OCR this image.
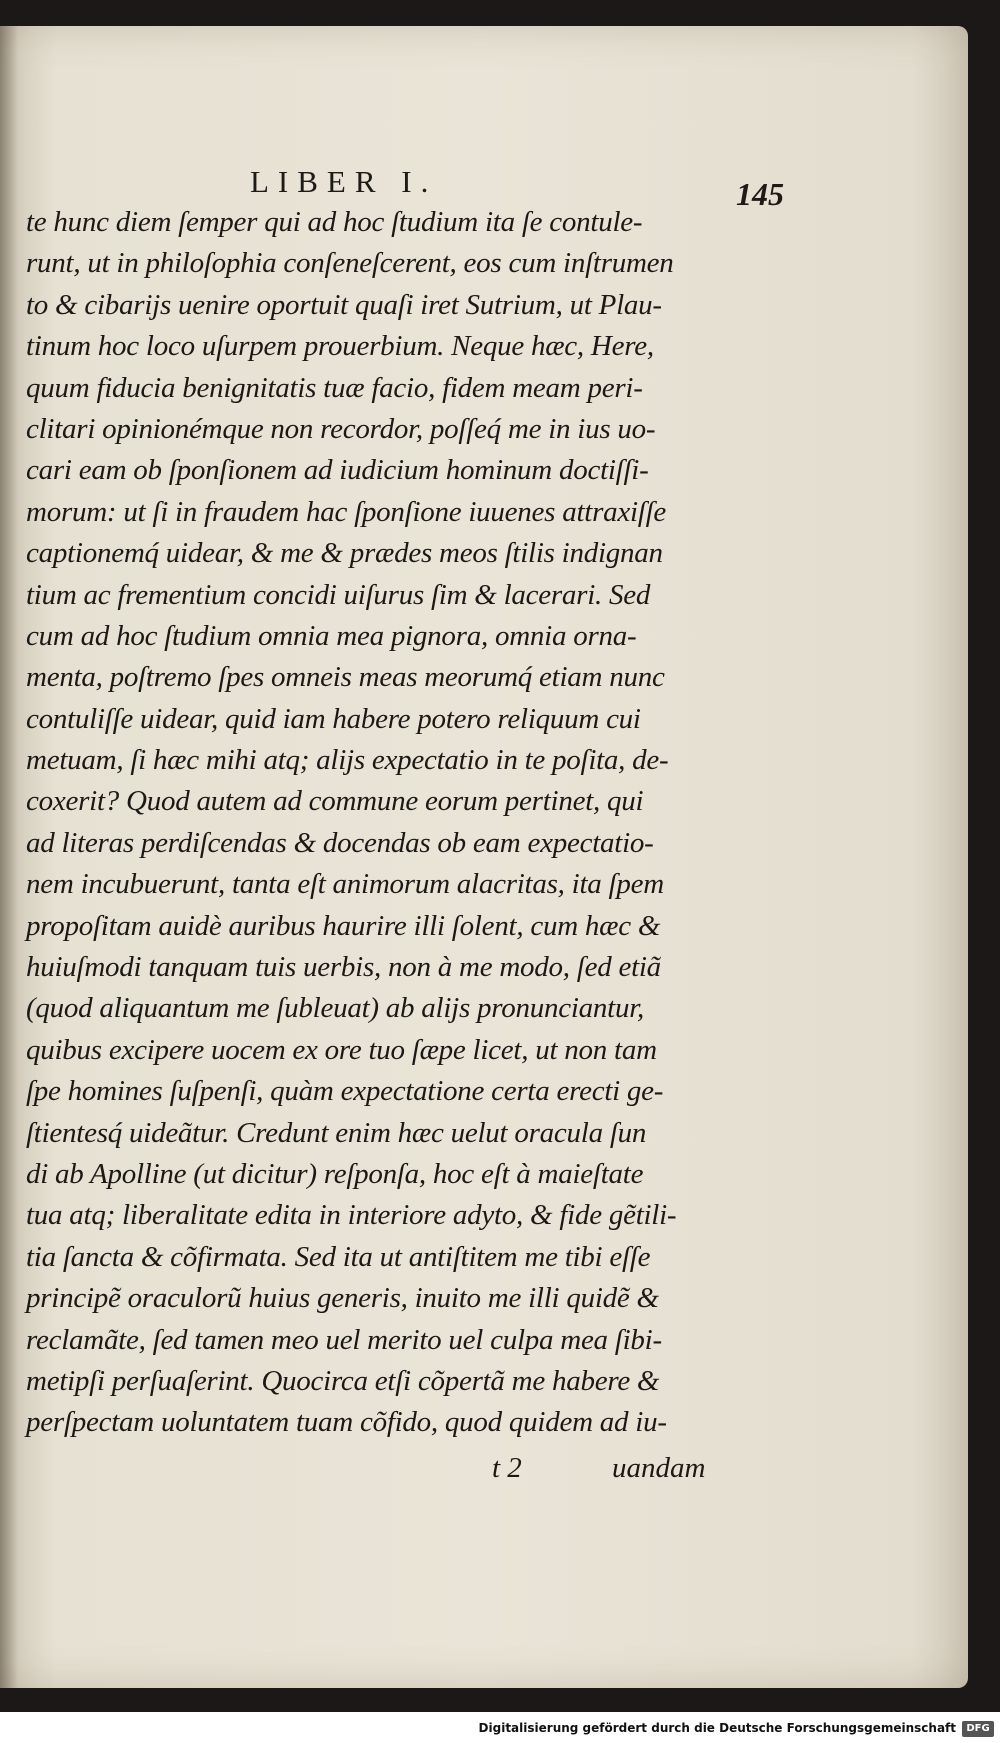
LIBER I.	145
te hunc diem ſemper qui ad hoc ſtudium ita ſe contule-
runt, ut in philoſophia conſeneſcerent, eos cum inſtrumen
to & cibarijs uenire oportuit quaſi iret Sutrium, ut Plau-
tinum hoc loco uſurpem prouerbium. Neque hæc, Here,
quum fiducia benignitatis tuæ facio, fidem meam peri-
clitari opinionémque non recordor, poſſeq́ me in ius uo-
cari eam ob ſponſionem ad iudicium hominum doctiſſi-
morum: ut ſi in fraudem hac ſponſione iuuenes attraxiſſe
captionemq́ uidear, & me & prædes meos ſtilis indignan
tium ac frementium concidi uiſurus ſim & lacerari. Sed
cum ad hoc ſtudium omnia mea pignora, omnia orna-
menta, poſtremo ſpes omneis meas meorumq́ etiam nunc
contuliſſe uidear, quid iam habere potero reliquum cui
metuam, ſi hæc mihi atq; alijs expectatio in te poſita, de-
coxerit? Quod autem ad commune eorum pertinet, qui
ad literas perdiſcendas & docendas ob eam expectatio-
nem incubuerunt, tanta eſt animorum alacritas, ita ſpem
propoſitam auidè auribus haurire illi ſolent, cum hæc &
huiuſmodi tanquam tuis uerbis, non à me modo, ſed etiã
(quod aliquantum me ſubleuat) ab alijs pronunciantur,
quibus excipere uocem ex ore tuo ſæpe licet, ut non tam
ſpe homines ſuſpenſi, quàm expectatione certa erecti ge-
ſtientesq́ uideãtur. Credunt enim hæc uelut oracula ſun
di ab Apolline (ut dicitur) reſponſa, hoc eſt à maieſtate
tua atq; liberalitate edita in interiore adyto, & fide gẽtili-
tia ſancta & cõfirmata. Sed ita ut antiſtitem me tibi eſſe
principẽ oraculorũ huius generis, inuito me illi quidẽ &
reclamãte, ſed tamen meo uel merito uel culpa mea ſibi-
metipſi perſuaſerint. Quocirca etſi cõpertã me habere &
perſpectam uoluntatem tuam cõfido, quod quidem ad iu-
t 2	uandam
Digitalisierung gefördert durch die Deutsche Forschungsgemeinschaft	DFG
